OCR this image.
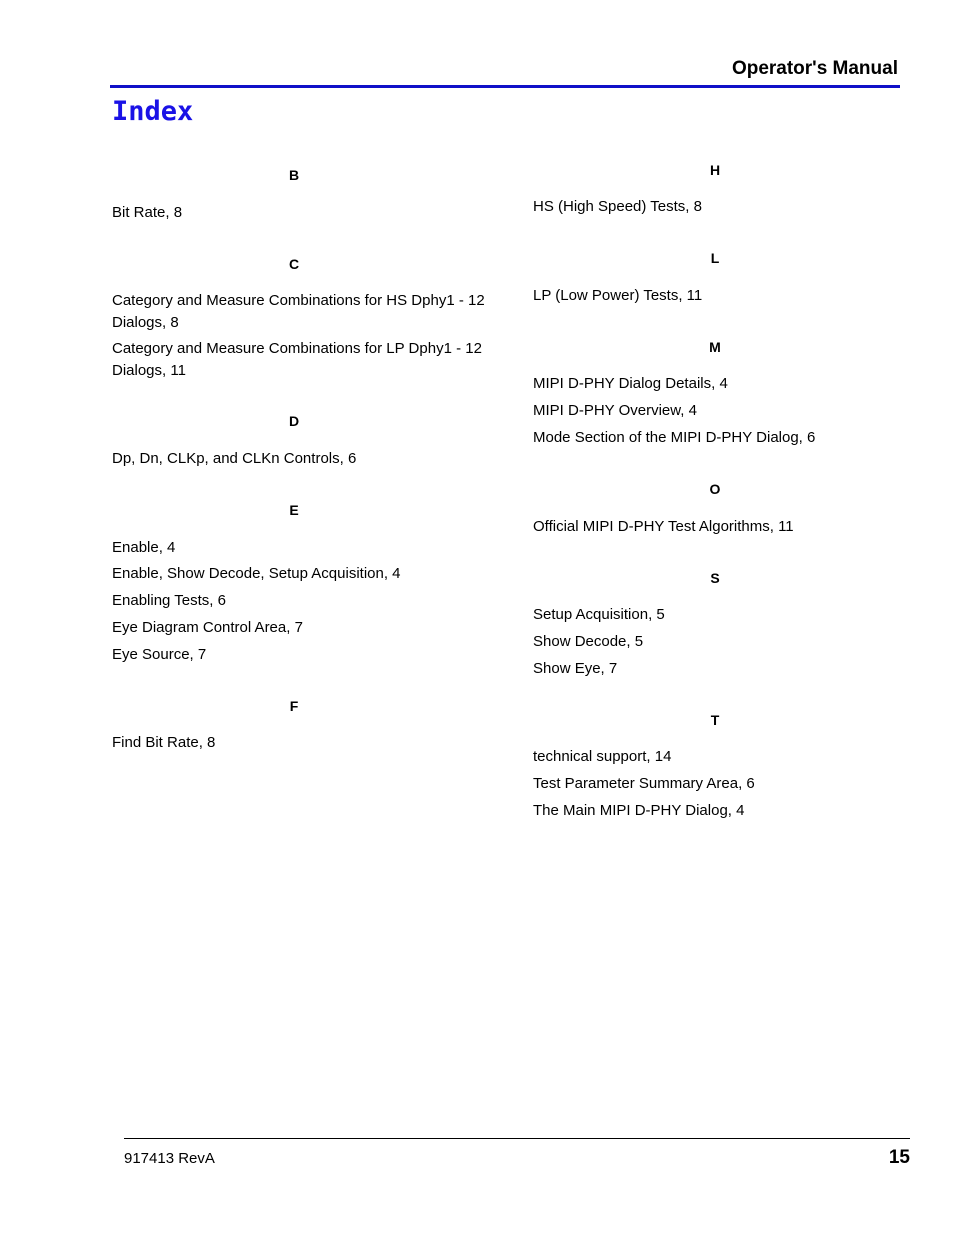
Operator's Manual
Index
B
Bit Rate, 8
C
Category and Measure Combinations for HS Dphy1 - 12 Dialogs, 8
Category and Measure Combinations for LP Dphy1 - 12 Dialogs, 11
D
Dp, Dn, CLKp, and CLKn Controls, 6
E
Enable, 4
Enable, Show Decode, Setup Acquisition, 4
Enabling Tests, 6
Eye Diagram Control Area, 7
Eye Source, 7
F
Find Bit Rate, 8
H
HS (High Speed) Tests, 8
L
LP (Low Power) Tests, 11
M
MIPI D-PHY Dialog Details, 4
MIPI D-PHY Overview, 4
Mode Section of the MIPI D-PHY Dialog, 6
O
Official MIPI D-PHY Test Algorithms, 11
S
Setup Acquisition, 5
Show Decode, 5
Show Eye, 7
T
technical support, 14
Test Parameter Summary Area, 6
The Main MIPI D-PHY Dialog, 4
917413 RevA	15
